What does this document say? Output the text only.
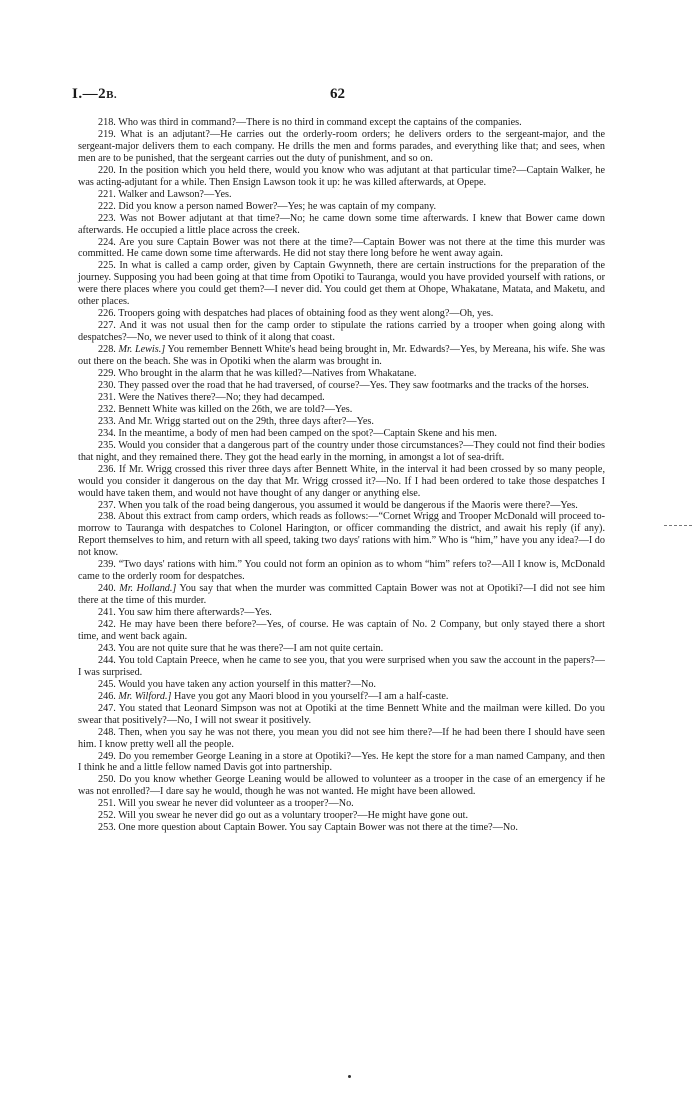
I.—2B.	62

218. Who was third in command?—There is no third in command except the captains of the companies.

219. What is an adjutant?—He carries out the orderly-room orders; he delivers orders to the sergeant-major, and the sergeant-major delivers them to each company. He drills the men and forms parades, and everything like that; and sees, when men are to be punished, that the sergeant carries out the duty of punishment, and so on.

220. In the position which you held there, would you know who was adjutant at that particular time?—Captain Walker, he was acting-adjutant for a while. Then Ensign Lawson took it up: he was killed afterwards, at Opepe.

221. Walker and Lawson?—Yes.

222. Did you know a person named Bower?—Yes; he was captain of my company.

223. Was not Bower adjutant at that time?—No; he came down some time afterwards. I knew that Bower came down afterwards. He occupied a little place across the creek.

224. Are you sure Captain Bower was not there at the time?—Captain Bower was not there at the time this murder was committed. He came down some time afterwards. He did not stay there long before he went away again.

225. In what is called a camp order, given by Captain Gwynneth, there are certain instructions for the preparation of the journey. Supposing you had been going at that time from Opotiki to Tauranga, would you have provided yourself with rations, or were there places where you could get them?—I never did. You could get them at Ohope, Whakatane, Matata, and Maketu, and other places.

226. Troopers going with despatches had places of obtaining food as they went along?—Oh, yes.

227. And it was not usual then for the camp order to stipulate the rations carried by a trooper when going along with despatches?—No, we never used to think of it along that coast.

228. Mr. Lewis.] You remember Bennett White's head being brought in, Mr. Edwards?—Yes, by Mereana, his wife. She was out there on the beach. She was in Opotiki when the alarm was brought in.

229. Who brought in the alarm that he was killed?—Natives from Whakatane.

230. They passed over the road that he had traversed, of course?—Yes. They saw footmarks and the tracks of the horses.

231. Were the Natives there?—No; they had decamped.

232. Bennett White was killed on the 26th, we are told?—Yes.

233. And Mr. Wrigg started out on the 29th, three days after?—Yes.

234. In the meantime, a body of men had been camped on the spot?—Captain Skene and his men.

235. Would you consider that a dangerous part of the country under those circumstances?—They could not find their bodies that night, and they remained there. They got the head early in the morning, in amongst a lot of sea-drift.

236. If Mr. Wrigg crossed this river three days after Bennett White, in the interval it had been crossed by so many people, would you consider it dangerous on the day that Mr. Wrigg crossed it?—No. If I had been ordered to take those despatches I would have taken them, and would not have thought of any danger or anything else.

237. When you talk of the road being dangerous, you assumed it would be dangerous if the Maoris were there?—Yes.

238. About this extract from camp orders, which reads as follows:—“Cornet Wrigg and Trooper McDonald will proceed to-morrow to Tauranga with despatches to Colonel Harington, or officer commanding the district, and await his reply (if any). Report themselves to him, and return with all speed, taking two days' rations with him.” Who is “him,” have you any idea?—I do not know.

239. “Two days' rations with him.” You could not form an opinion as to whom “him” refers to?—All I know is, McDonald came to the orderly room for despatches.

240. Mr. Holland.] You say that when the murder was committed Captain Bower was not at Opotiki?—I did not see him there at the time of this murder.

241. You saw him there afterwards?—Yes.

242. He may have been there before?—Yes, of course. He was captain of No. 2 Company, but only stayed there a short time, and went back again.

243. You are not quite sure that he was there?—I am not quite certain.

244. You told Captain Preece, when he came to see you, that you were surprised when you saw the account in the papers?—I was surprised.

245. Would you have taken any action yourself in this matter?—No.

246. Mr. Wilford.] Have you got any Maori blood in you yourself?—I am a half-caste.

247. You stated that Leonard Simpson was not at Opotiki at the time Bennett White and the mailman were killed. Do you swear that positively?—No, I will not swear it positively.

248. Then, when you say he was not there, you mean you did not see him there?—If he had been there I should have seen him. I know pretty well all the people.

249. Do you remember George Leaning in a store at Opotiki?—Yes. He kept the store for a man named Campany, and then I think he and a little fellow named Davis got into partnership.

250. Do you know whether George Leaning would be allowed to volunteer as a trooper in the case of an emergency if he was not enrolled?—I dare say he would, though he was not wanted. He might have been allowed.

251. Will you swear he never did volunteer as a trooper?—No.

252. Will you swear he never did go out as a voluntary trooper?—He might have gone out.

253. One more question about Captain Bower. You say Captain Bower was not there at the time?—No.
